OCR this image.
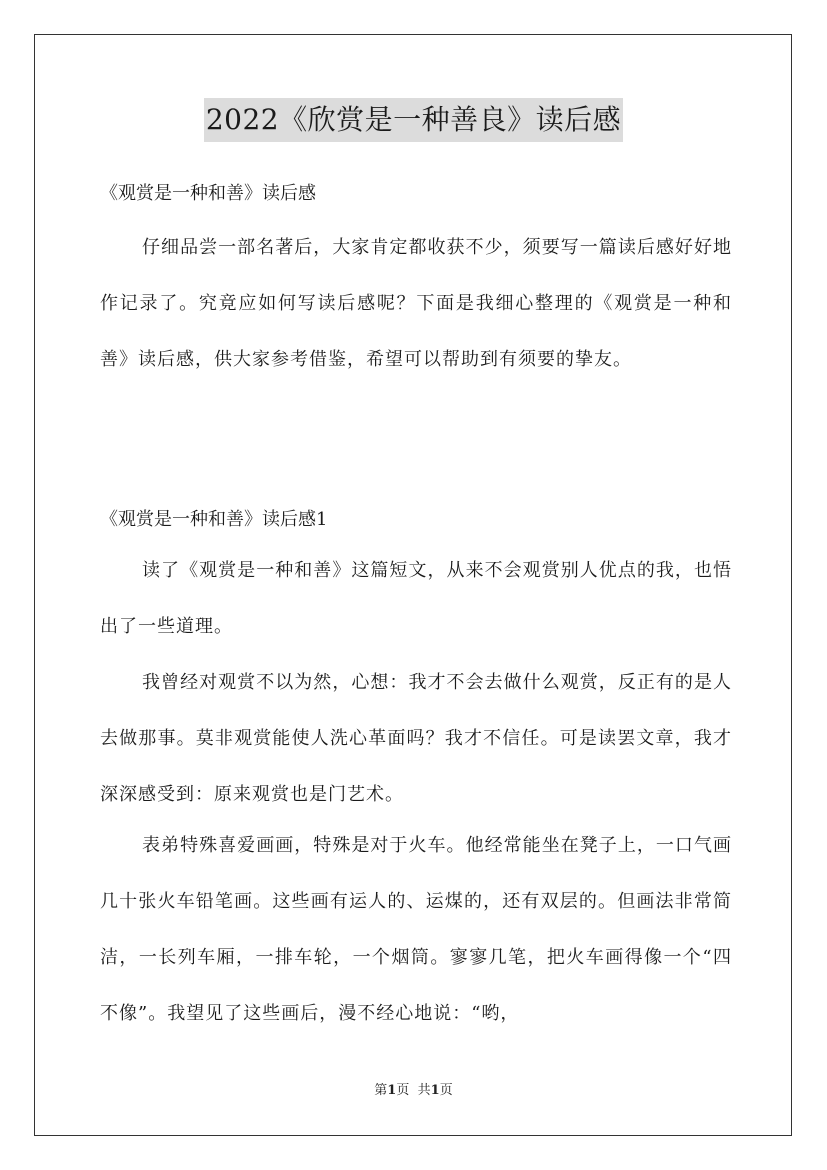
2022《欣赏是一种善良》读后感
《观赏是一种和善》读后感

仔细品尝一部名著后，大家肯定都收获不少，须要写一篇读后感好好地作记录了。究竟应如何写读后感呢？下面是我细心整理的《观赏是一种和善》读后感，供大家参考借鉴，希望可以帮助到有须要的挚友。

《观赏是一种和善》读后感1

读了《观赏是一种和善》这篇短文，从来不会观赏别人优点的我，也悟出了一些道理。

我曾经对观赏不以为然，心想：我才不会去做什么观赏，反正有的是人去做那事。莫非观赏能使人洗心革面吗？我才不信任。可是读罢文章，我才深深感受到：原来观赏也是门艺术。

表弟特殊喜爱画画，特殊是对于火车。他经常能坐在凳子上，一口气画几十张火车铅笔画。这些画有运人的、运煤的，还有双层的。但画法非常简洁，一长列车厢，一排车轮，一个烟筒。寥寥几笔，把火车画得像一个“四不像”。我望见了这些画后，漫不经心地说：“哟，

第1页 共1页
